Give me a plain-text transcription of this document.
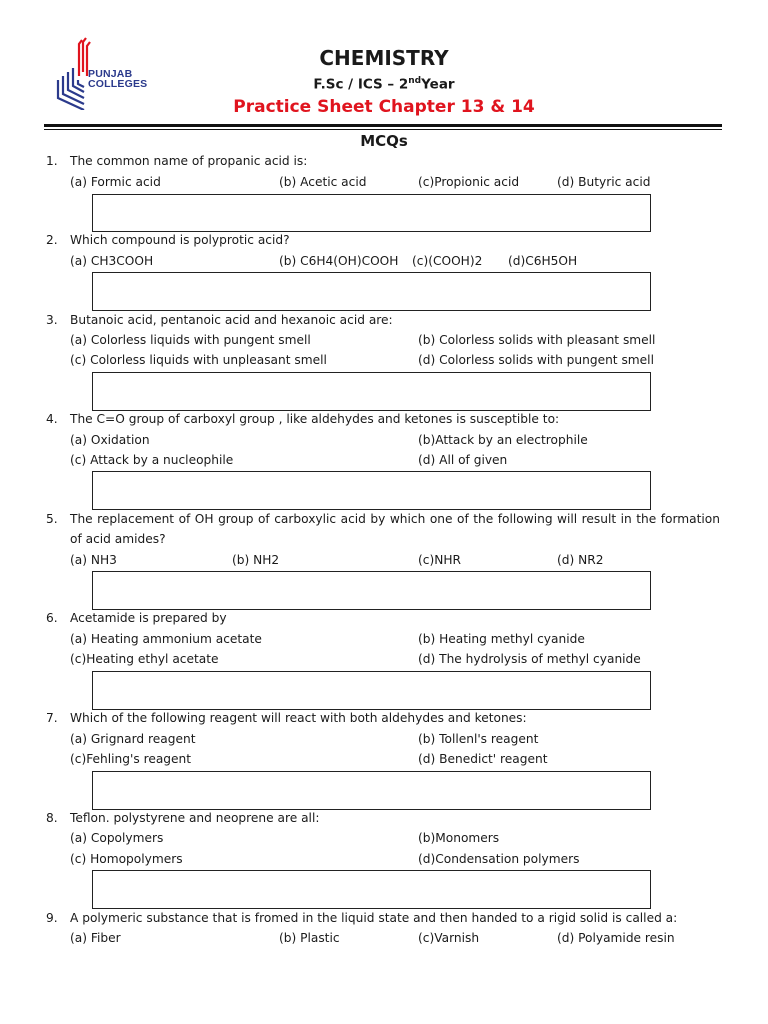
PUNJAB
COLLEGES
CHEMISTRY
F.Sc / ICS – 2ndYear
Practice Sheet Chapter 13 & 14
MCQs
1. The common name of propanic acid is:
(a) Formic acid	(b) Acetic acid	(c)Propionic acid	(d) Butyric acid
2. Which compound is polyprotic acid?
(a) CH3COOH	(b) C6H4(OH)COOH (c)(COOH)2 (d)C6H5OH
3. Butanoic acid, pentanoic acid and hexanoic acid are:
(a) Colorless liquids with pungent smell	(b) Colorless solids with pleasant smell
(c) Colorless liquids with unpleasant smell	(d) Colorless solids with pungent smell
4. The C=O group of carboxyl group , like aldehydes and ketones is susceptible to:
(a) Oxidation	(b)Attack by an electrophile
(c) Attack by a nucleophile	(d) All of given
5. The replacement of OH group of carboxylic acid by which one of the following will result in the formation of acid amides?
(a) NH3	(b) NH2	(c)NHR	(d) NR2
6. Acetamide is prepared by
(a) Heating ammonium acetate	(b) Heating methyl cyanide
(c)Heating ethyl acetate	(d) The hydrolysis of methyl cyanide
7. Which of the following reagent will react with both aldehydes and ketones:
(a) Grignard reagent	(b) Tollenl's reagent
(c)Fehling's reagent	(d) Benedict' reagent
8. Teflon. polystyrene and neoprene are all:
(a) Copolymers	(b)Monomers
(c) Homopolymers	(d)Condensation polymers
9. A polymeric substance that is fromed in the liquid state and then handed to a rigid solid is called a:
(a) Fiber	(b) Plastic	(c)Varnish	(d) Polyamide resin
